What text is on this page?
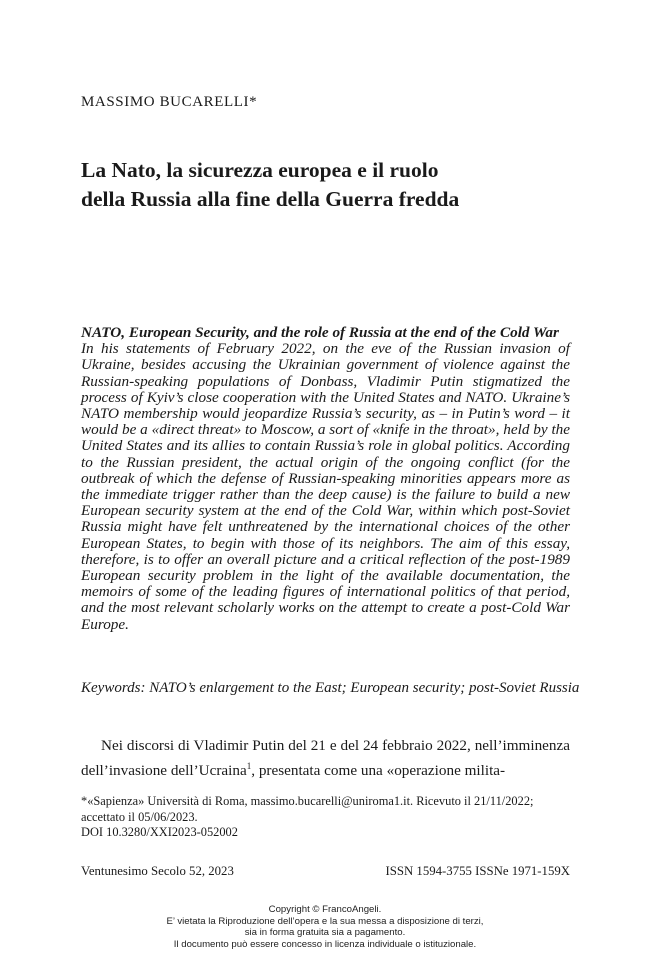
MASSIMO BUCARELLI*
La Nato, la sicurezza europea e il ruolo
della Russia alla fine della Guerra fredda
NATO, European Security, and the role of Russia at the end of the Cold War
In his statements of February 2022, on the eve of the Russian invasion of Ukraine, besides accusing the Ukrainian government of violence against the Russian-speaking populations of Donbass, Vladimir Putin stigmatized the process of Kyiv’s close cooperation with the United States and NATO. Ukraine’s NATO membership would jeopardize Russia’s security, as – in Putin’s word – it would be a «direct threat» to Moscow, a sort of «knife in the throat», held by the United States and its allies to contain Russia’s role in global politics. According to the Russian president, the actual origin of the ongoing conflict (for the outbreak of which the defense of Russian-speaking minorities appears more as the immediate trigger rather than the deep cause) is the failure to build a new European security system at the end of the Cold War, within which post-Soviet Russia might have felt unthreatened by the international choices of the other European States, to begin with those of its neighbors. The aim of this essay, therefore, is to offer an overall picture and a critical reflection of the post-1989 European security problem in the light of the available documentation, the memoirs of some of the leading figures of international politics of that period, and the most relevant scholarly works on the attempt to create a post-Cold War Europe.
Keywords: NATO’s enlargement to the East; European security; post-Soviet Russia
Nei discorsi di Vladimir Putin del 21 e del 24 febbraio 2022, nell’imminenza dell’invasione dell’Ucraina$^1$, presentata come una «operazione milita-
*«Sapienza» Università di Roma, massimo.bucarelli@uniroma1.it. Ricevuto il 21/11/2022; accettato il 05/06/2023.
DOI 10.3280/XXI2023-052002
Ventunesimo Secolo 52, 2023	ISSN 1594-3755 ISSNe 1971-159X
Copyright © FrancoAngeli.
E’ vietata la Riproduzione dell’opera e la sua messa a disposizione di terzi,
sia in forma gratuita sia a pagamento.
Il documento può essere concesso in licenza individuale o istituzionale.
